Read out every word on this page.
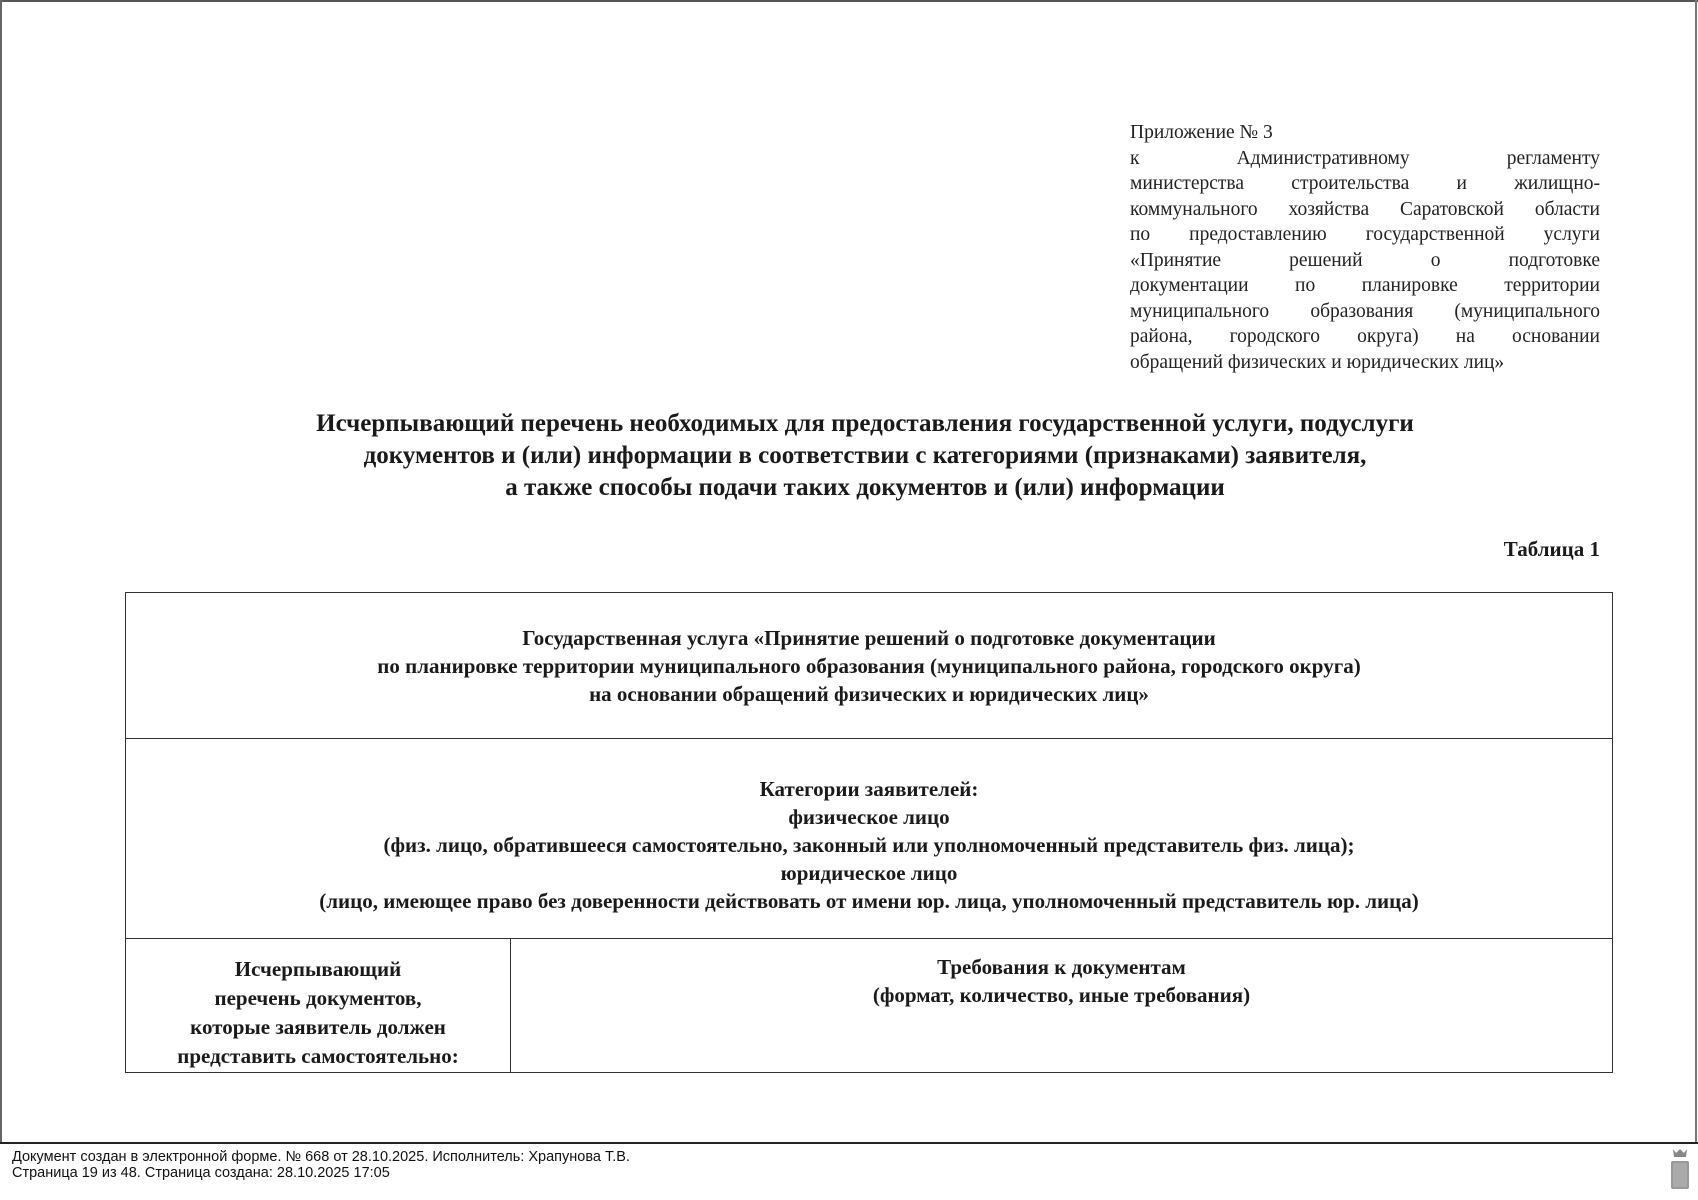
Приложение № 3
к Административному регламенту
министерства строительства и жилищно-
коммунального хозяйства Саратовской области
по предоставлению государственной услуги
«Принятие решений о подготовке
документации по планировке территории
муниципального образования (муниципального
района, городского округа) на основании
обращений физических и юридических лиц»
Исчерпывающий перечень необходимых для предоставления государственной услуги, подуслуги
документов и (или) информации в соответствии с категориями (признаками) заявителя,
а также способы подачи таких документов и (или) информации
Таблица 1
Государственная услуга «Принятие решений о подготовке документации
по планировке территории муниципального образования (муниципального района, городского округа)
на основании обращений физических и юридических лиц»
Категории заявителей:
физическое лицо
(физ. лицо, обратившееся самостоятельно, законный или уполномоченный представитель физ. лица);
юридическое лицо
(лицо, имеющее право без доверенности действовать от имени юр. лица, уполномоченный представитель юр. лица)
Исчерпывающий
перечень документов,
которые заявитель должен
представить самостоятельно:
Требования к документам
(формат, количество, иные требования)
Документ создан в электронной форме. № 668 от 28.10.2025. Исполнитель: Храпунова Т.В.
Страница 19 из 48. Страница создана: 28.10.2025 17:05
